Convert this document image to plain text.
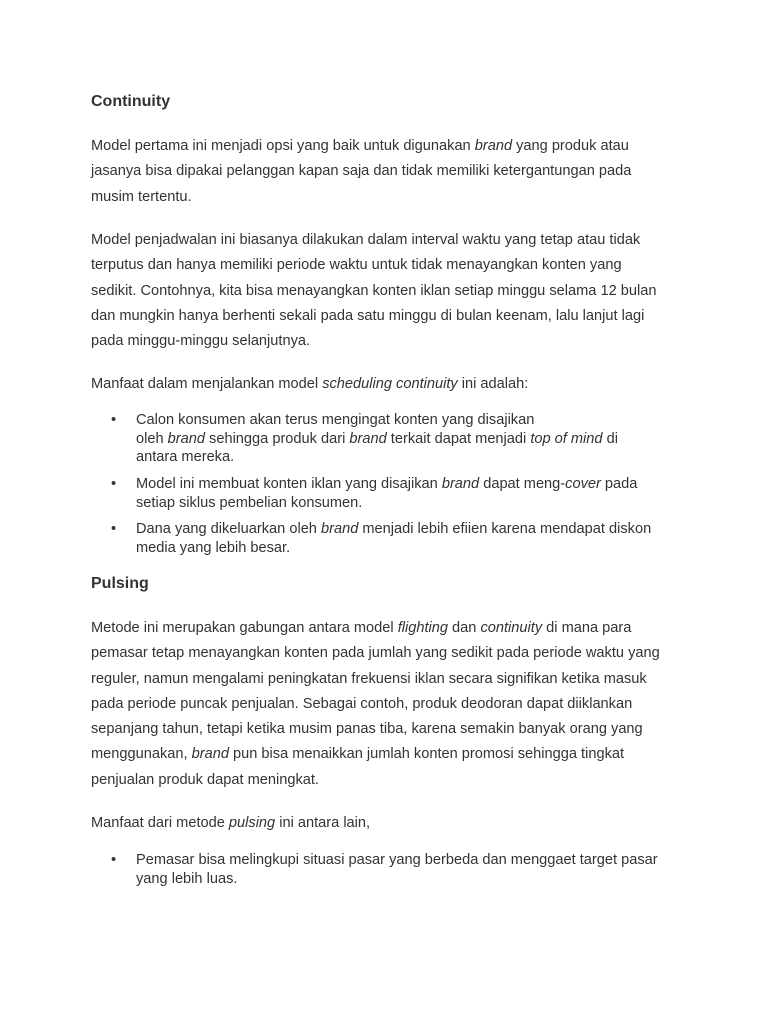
Continuity

Model pertama ini menjadi opsi yang baik untuk digunakan brand yang produk atau
jasanya bisa dipakai pelanggan kapan saja dan tidak memiliki ketergantungan pada
musim tertentu.

Model penjadwalan ini biasanya dilakukan dalam interval waktu yang tetap atau tidak
terputus dan hanya memiliki periode waktu untuk tidak menayangkan konten yang
sedikit. Contohnya, kita bisa menayangkan konten iklan setiap minggu selama 12 bulan
dan mungkin hanya berhenti sekali pada satu minggu di bulan keenam, lalu lanjut lagi
pada minggu-minggu selanjutnya.

Manfaat dalam menjalankan model scheduling continuity ini adalah:

• Calon konsumen akan terus mengingat konten yang disajikan
oleh brand sehingga produk dari brand terkait dapat menjadi top of mind di
antara mereka.
• Model ini membuat konten iklan yang disajikan brand dapat meng-cover pada
setiap siklus pembelian konsumen.
• Dana yang dikeluarkan oleh brand menjadi lebih efiien karena mendapat diskon
media yang lebih besar.
Pulsing

Metode ini merupakan gabungan antara model flighting dan continuity di mana para
pemasar tetap menayangkan konten pada jumlah yang sedikit pada periode waktu yang
reguler, namun mengalami peningkatan frekuensi iklan secara signifikan ketika masuk
pada periode puncak penjualan. Sebagai contoh, produk deodoran dapat diiklankan
sepanjang tahun, tetapi ketika musim panas tiba, karena semakin banyak orang yang
menggunakan, brand pun bisa menaikkan jumlah konten promosi sehingga tingkat
penjualan produk dapat meningkat.

Manfaat dari metode pulsing ini antara lain,

• Pemasar bisa melingkupi situasi pasar yang berbeda dan menggaet target pasar
yang lebih luas.
